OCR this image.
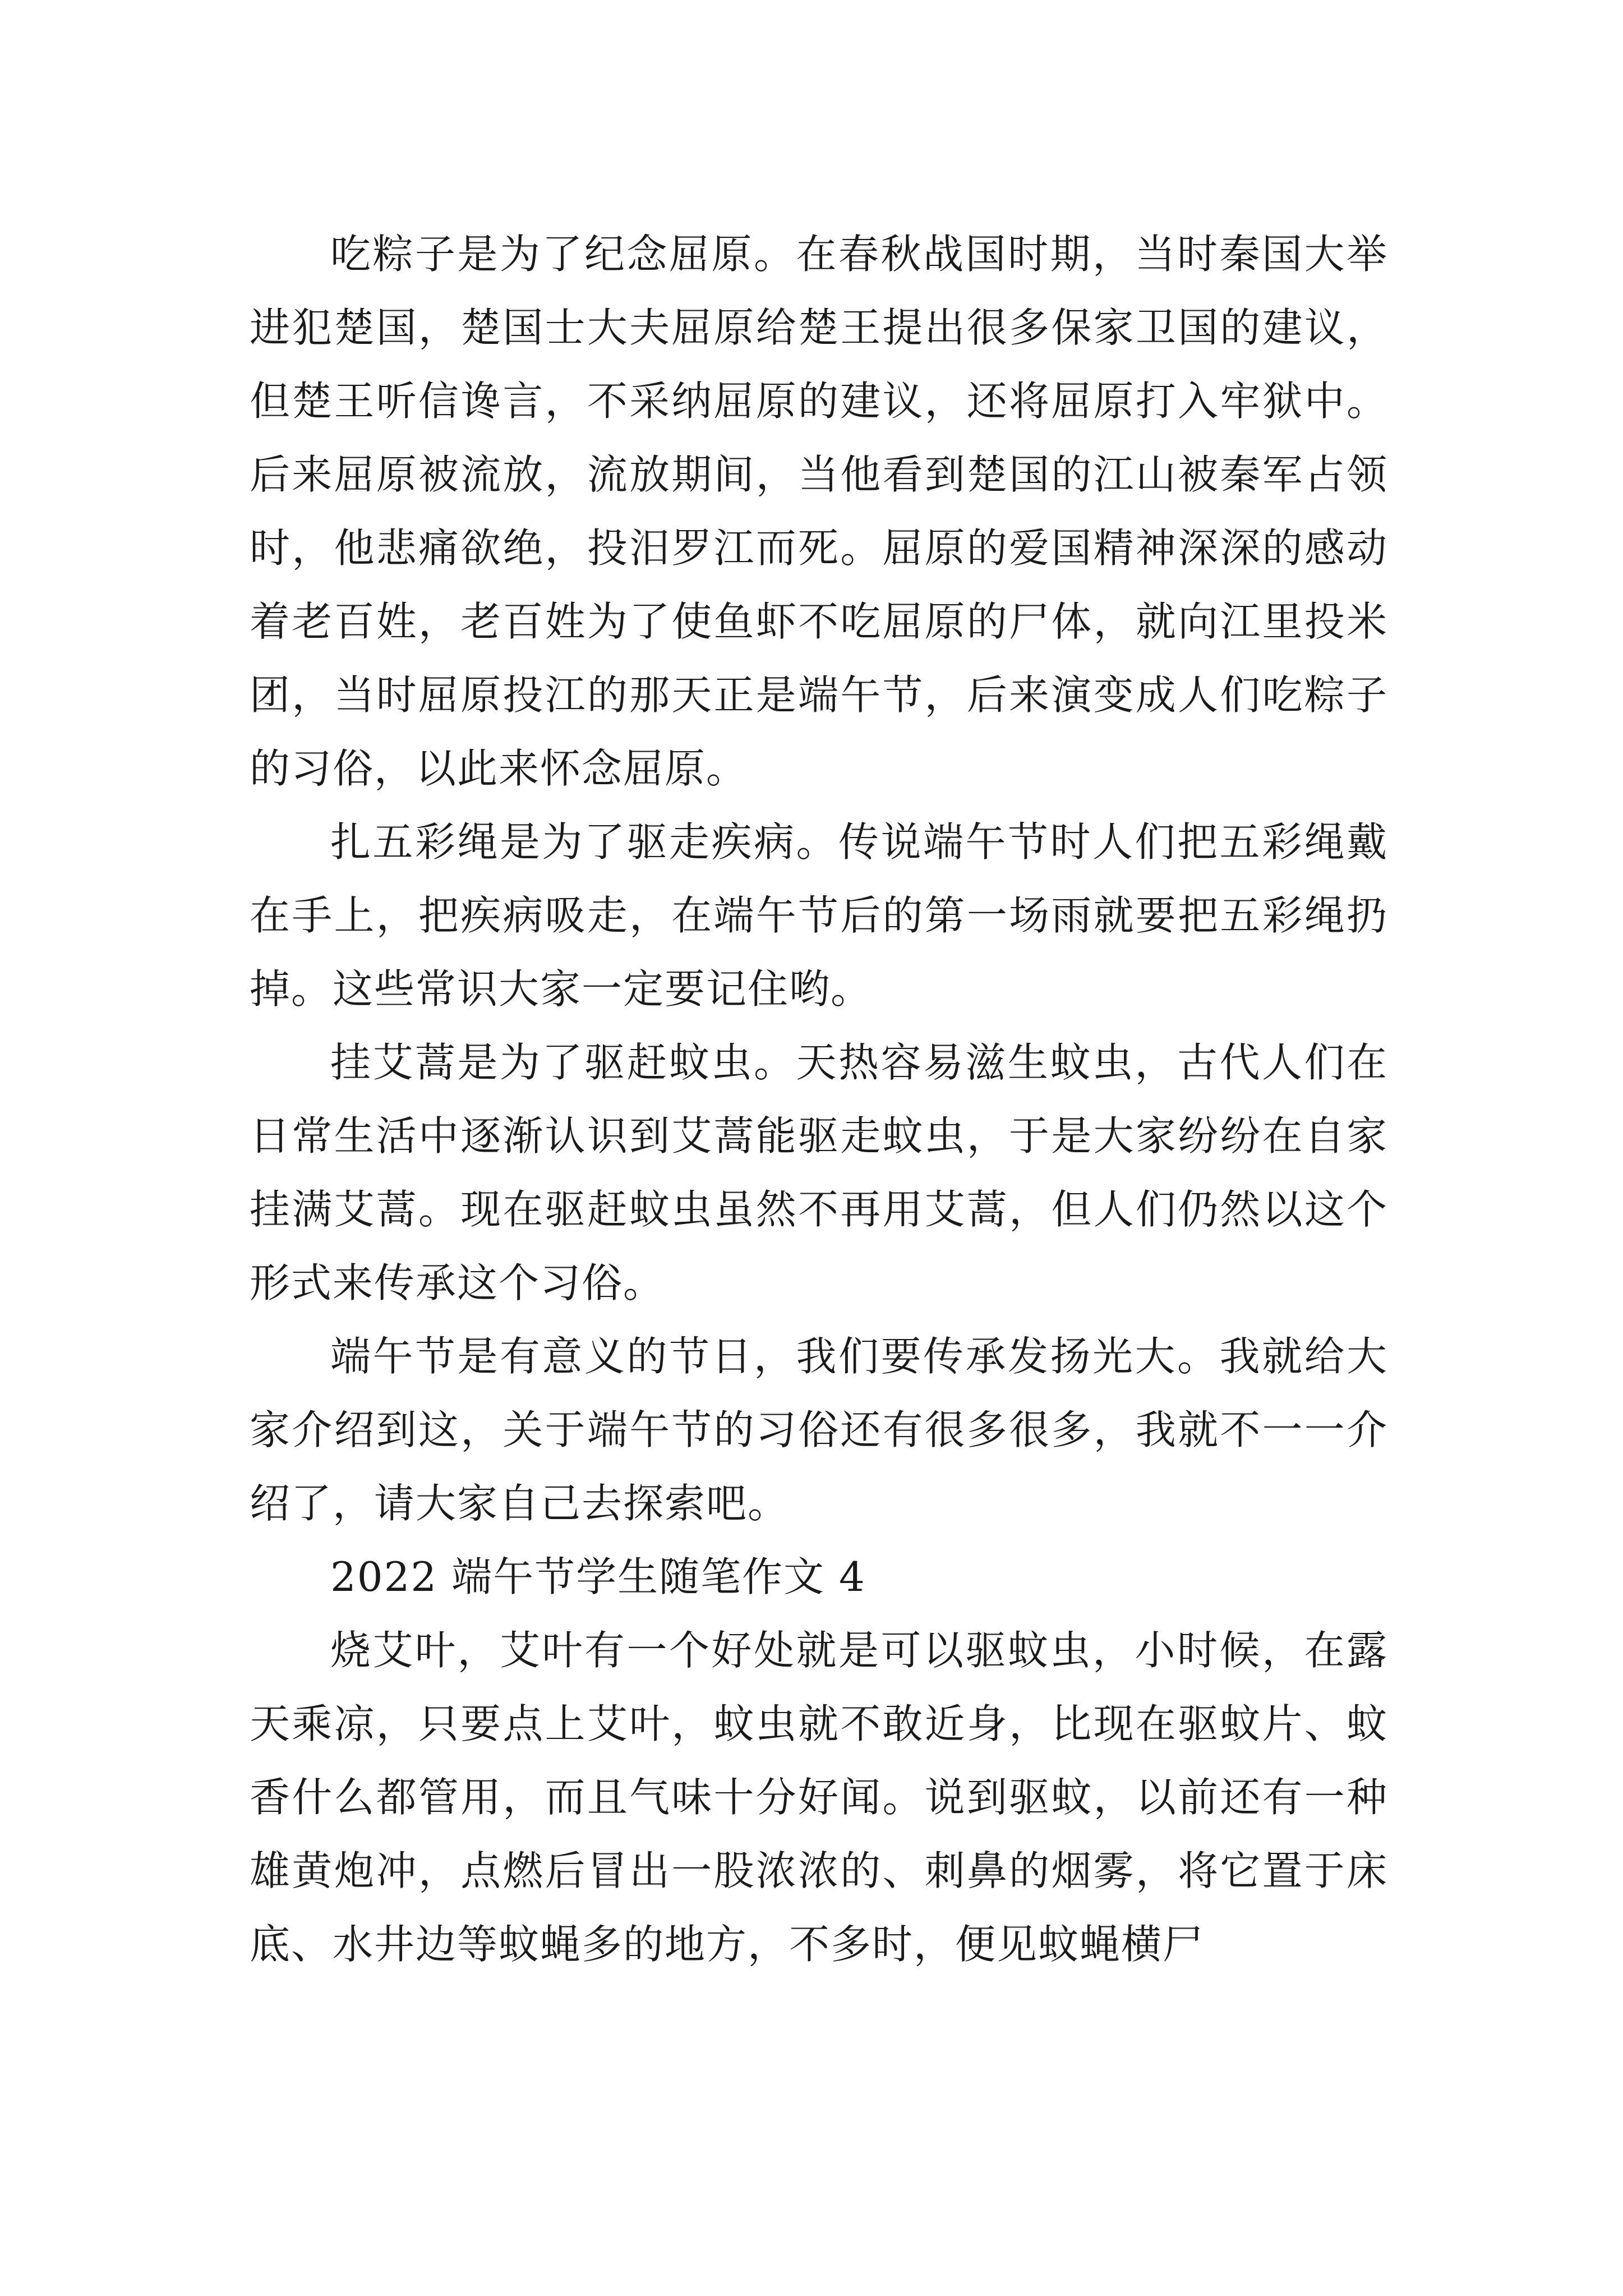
吃粽子是为了纪念屈原。在春秋战国时期，当时秦国大举进犯楚国，楚国士大夫屈原给楚王提出很多保家卫国的建议，但楚王听信谗言，不采纳屈原的建议，还将屈原打入牢狱中。后来屈原被流放，流放期间，当他看到楚国的江山被秦军占领时，他悲痛欲绝，投汨罗江而死。屈原的爱国精神深深的感动着老百姓，老百姓为了使鱼虾不吃屈原的尸体，就向江里投米团，当时屈原投江的那天正是端午节，后来演变成人们吃粽子的习俗，以此来怀念屈原。

扎五彩绳是为了驱走疾病。传说端午节时人们把五彩绳戴在手上，把疾病吸走，在端午节后的第一场雨就要把五彩绳扔掉。这些常识大家一定要记住哟。

挂艾蒿是为了驱赶蚊虫。天热容易滋生蚊虫，古代人们在日常生活中逐渐认识到艾蒿能驱走蚊虫，于是大家纷纷在自家挂满艾蒿。现在驱赶蚊虫虽然不再用艾蒿，但人们仍然以这个形式来传承这个习俗。

端午节是有意义的节日，我们要传承发扬光大。我就给大家介绍到这，关于端午节的习俗还有很多很多，我就不一一介绍了，请大家自己去探索吧。

2022 端午节学生随笔作文 4

烧艾叶，艾叶有一个好处就是可以驱蚊虫，小时候，在露天乘凉，只要点上艾叶，蚊虫就不敢近身，比现在驱蚊片、蚊香什么都管用，而且气味十分好闻。说到驱蚊，以前还有一种雄黄炮冲，点燃后冒出一股浓浓的、刺鼻的烟雾，将它置于床底、水井边等蚊蝇多的地方，不多时，便见蚊蝇横尸
